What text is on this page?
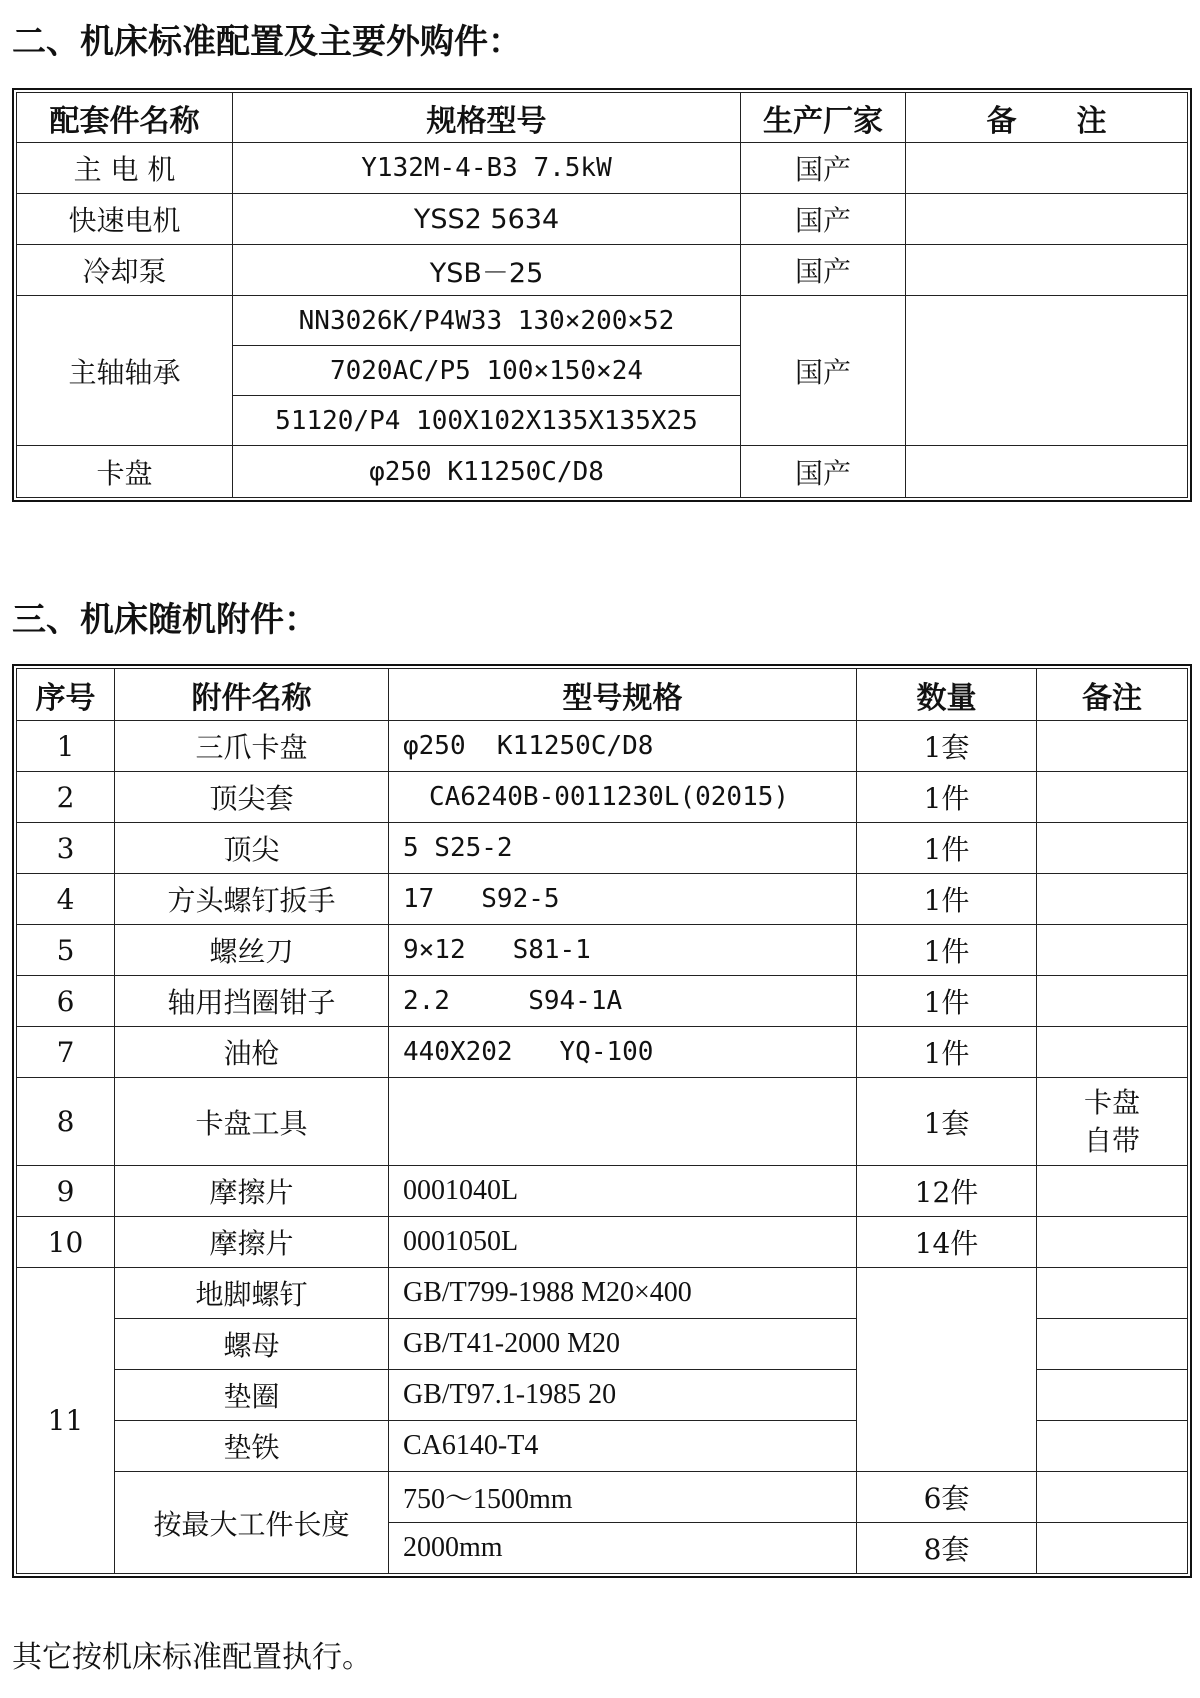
二、机床标准配置及主要外购件：
配套件名称	规格型号	生产厂家	备　　注
主 电 机	Y132M-4-B3 7.5kW	国产	
快速电机	YSS2 5634	国产	
冷却泵	YSB－25	国产	
主轴轴承	NN3026K/P4W33 130×200×52	国产	
	7020AC/P5 100×150×24		
	51120/P4 100X102X135X135X25		
卡盘	φ250 K11250C/D8	国产	
三、机床随机附件：
序号	附件名称	型号规格	数量	备注
1	三爪卡盘	φ250  K11250C/D8	1套	
2	顶尖套	CA6240B-0011230L(02015)	1件	
3	顶尖	5 S25-2	1件	
4	方头螺钉扳手	17   S92-5	1件	
5	螺丝刀	9×12   S81-1	1件	
6	轴用挡圈钳子	2.2     S94-1A	1件	
7	油枪	440X202   YQ-100	1件	
8	卡盘工具		1套	卡盘自带

9	摩擦片	0001040L	12件	
10	摩擦片	0001050L	14件	
11	地脚螺钉	GB/T799-1988 M20×400		
	螺母	GB/T41-2000 M20		
	垫圈	GB/T97.1-1985 20		
	垫铁	CA6140-T4		
	按最大工件长度	750～1500mm	6套	
		2000mm	8套	

其它按机床标准配置执行。
